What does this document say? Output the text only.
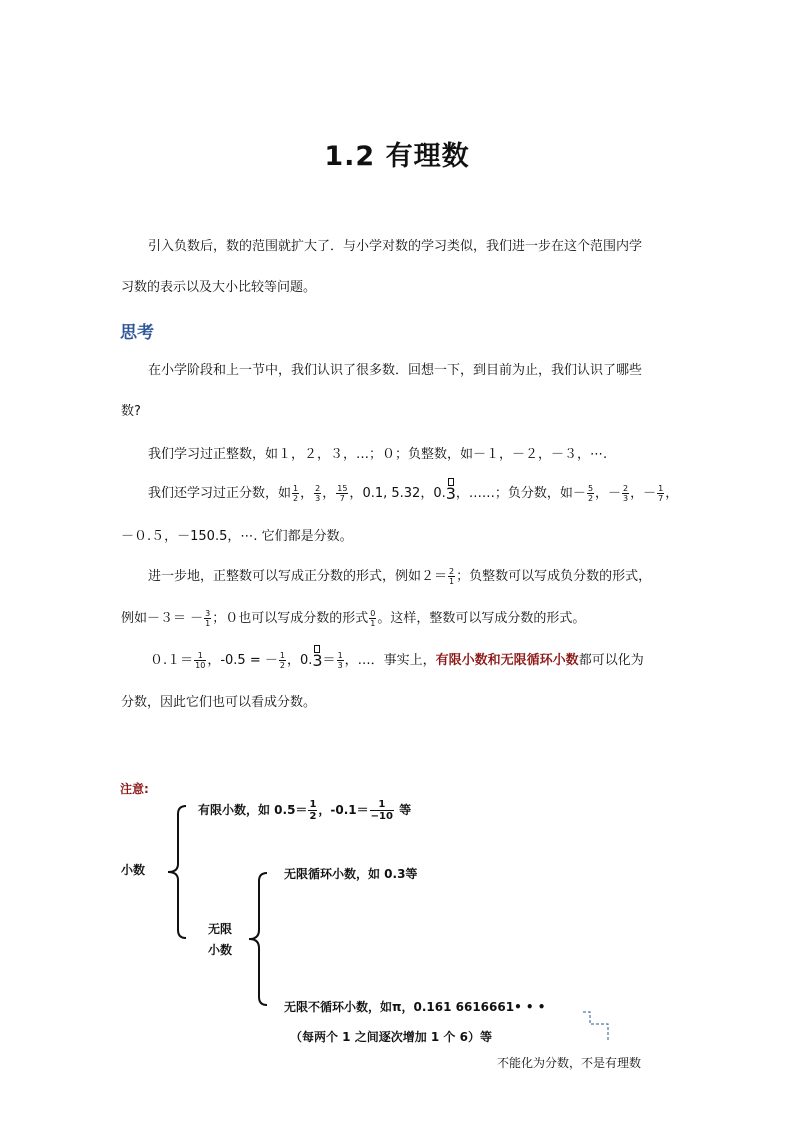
1.2 有理数
引入负数后，数的范围就扩大了．与小学对数的学习类似，我们进一步在这个范围内学
习数的表示以及大小比较等问题。
思考
在小学阶段和上一节中，我们认识了很多数．回想一下，到目前为止，我们认识了哪些
数?
我们学习过正整数，如１，２，３，…；０；负整数，如－１，－２，－３，⋯.
我们还学习过正分数，如 $\frac{1}{2}$ ， $\frac{2}{3}$ ， $\frac{15}{7}$ ，0.1, 5.32，0.
3，……；负分数，如－ $\frac{5}{2}$ ，－ $\frac{2}{3}$ ，－ $\frac{1}{7}$ ，
－０.５，－150.5，⋯. 它们都是分数。
进一步地，正整数可以写成正分数的形式，例如$2= \frac{2}{1}$ ；负整数可以写成负分数的形式，
例如$-3= - \frac{3}{1}$ ；０也可以写成分数的形式 $\frac{0}{1}$ 。这样，整数可以写成分数的形式。
$0.1= \frac{1}{10}$ ，-0.5 = － $\frac{1}{2}$ ，0.
$3= \frac{1}{3}$ ，…．事实上，有限小数和无限循环小数都可以化为
分数，因此它们也可以看成分数。
注意:
小数
有限小数，如 $0.5= \frac{1}{2}$ ，$-0.1= \frac{1}{-10}$ 等
无限
小数
无限循环小数，如 0.3等
无限不循环小数，如π，0.161 6616661• • •
（每两个 1 之间逐次增加 1 个 6）等
不能化为分数，不是有理数
